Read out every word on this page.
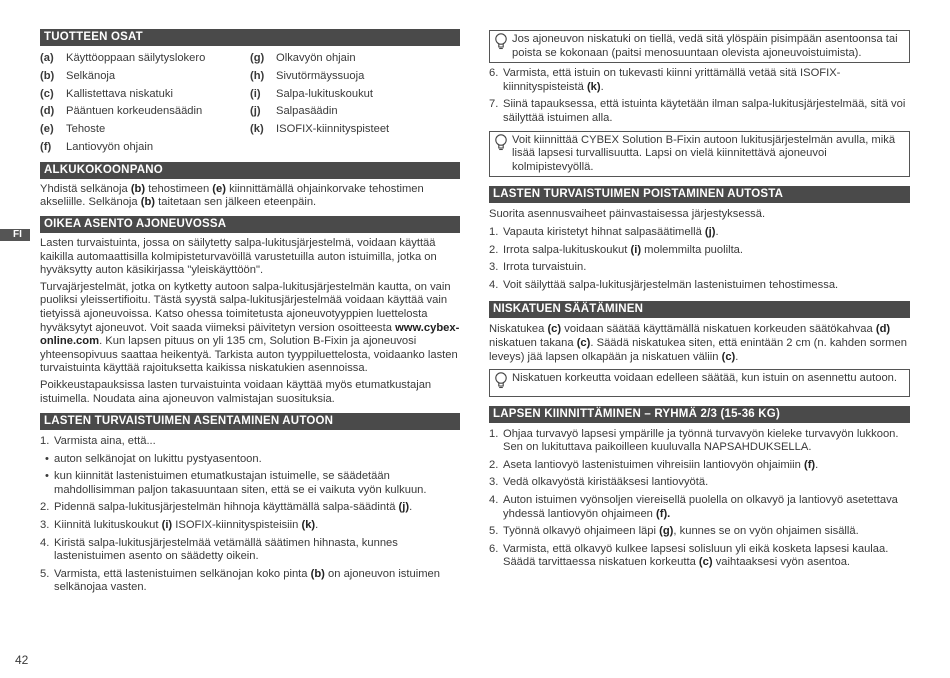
FI
TUOTTEEN OSAT
(a)	Käyttöoppaan säilytyslokero
(b)	Selkänoja
(c)	Kallistettava niskatuki
(d)	Pääntuen korkeudensäädin
(e)	Tehoste
(f)	Lantiovyön ohjain
(g)	Olkavyön ohjain
(h)	Sivutörmäyssuoja
(i)	Salpa-lukituskoukut
(j)	Salpasäädin
(k)	ISOFIX-kiinnityspisteet
ALKUKOKOONPANO

Yhdistä selkänoja (b) tehostimeen (e) kiinnittämällä ohjainkorvake tehostimen akseliille. Selkänoja (b) taitetaan sen jälkeen eteenpäin.

OIKEA ASENTO AJONEUVOSSA

Lasten turvaistuinta, jossa on säilytetty salpa-lukitusjärjestelmä, voidaan käyttää kaikilla automaattisilla kolmipisteturvavöillä varustetuilla auton istuimilla, jotka on hyväksytty auton käsikirjassa "yleiskäyttöön".

Turvajärjestelmät, jotka on kytketty autoon salpa-lukitusjärjestelmän kautta, on vain puoliksi yleissertifioitu. Tästä syystä salpa-lukitusjärjestelmää voidaan käyttää vain tietyissä ajoneuvoissa. Katso ohessa toimitetusta ajoneuvotyyppien luettelosta hyväksytyt ajoneuvot. Voit saada viimeksi päivitetyn version osoitteesta www.cybex-online.com. Kun lapsen pituus on yli 135 cm, Solution B-Fixin ja ajoneuvosi yhteensopivuus saattaa heikentyä. Tarkista auton tyyppiluettelosta, voidaanko lasten turvaistuinta käyttää rajoituksetta kaikissa niskatukien asennoissa.

Poikkeustapauksissa lasten turvaistuinta voidaan käyttää myös etumatkustajan istuimella. Noudata aina ajoneuvon valmistajan suosituksia.

LASTEN TURVAISTUIMEN ASENTAMINEN AUTOON
1. Varmista aina, että...
• auton selkänojat on lukittu pystyasentoon.
• kun kiinnität lastenistuimen etumatkustajan istuimelle, se säädetään mahdollisimman paljon takasuuntaan siten, että se ei vaikuta vyön kulkuun.
2. Pidennä salpa-lukitusjärjestelmän hihnoja käyttämällä salpa-säädintä (j).
3. Kiinnitä lukituskoukut (i) ISOFIX-kiinnityspisteisiin (k).
4. Kiristä salpa-lukitusjärjestelmää vetämällä säätimen hihnasta, kunnes lastenistuimen asento on säädetty oikein.
5. Varmista, että lastenistuimen selkänojan koko pinta (b) on ajoneuvon istuimen selkänojaa vasten.
Jos ajoneuvon niskatuki on tiellä, vedä sitä ylöspäin pisimpään asentoonsa tai poista se kokonaan (paitsi menosuuntaan olevista ajoneuvoistuimista).
6. Varmista, että istuin on tukevasti kiinni yrittämällä vetää sitä ISOFIX-kiinnityspisteistä (k).
7. Siinä tapauksessa, että istuinta käytetään ilman salpa-lukitusjärjestelmää, sitä voi säilyttää istuimen alla.
Voit kiinnittää CYBEX Solution B-Fixin autoon lukitusjärjestelmän avulla, mikä lisää lapsesi turvallisuutta. Lapsi on vielä kiinnitettävä ajoneuvoi kolmipistevyöllä.
LASTEN TURVAISTUIMEN POISTAMINEN AUTOSTA

Suorita asennusvaiheet päinvastaisessa järjestyksessä.

1. Vapauta kiristetyt hihnat salpasäätimellä (j).
2. Irrota salpa-lukituskoukut (i) molemmilta puolilta.
3. Irrota turvaistuin.
4. Voit säilyttää salpa-lukitusjärjestelmän lastenistuimen tehostimessa.
NISKATUEN SÄÄTÄMINEN

Niskatukea (c) voidaan säätää käyttämällä niskatuen korkeuden säätökahvaa (d) niskatuen takana (c). Säädä niskatukea siten, että enintään 2 cm (n. kahden sormen leveys) jää lapsen olkapään ja niskatuen väliin (c).

Niskatuen korkeutta voidaan edelleen säätää, kun istuin on asennettu autoon.
LAPSEN KIINNITTÄMINEN – RYHMÄ 2/3 (15-36 KG)
1. Ohjaa turvavyö lapsesi ympärille ja työnnä turvavyön kieleke turvavyön lukkoon. Sen on lukituttava paikoilleen kuuluvalla NAPSAHDUKSELLA.
2. Aseta lantiovyö lastenistuimen vihreisiin lantiovyön ohjaimiin (f).
3. Vedä olkavyöstä kiristääksesi lantiovyötä.
4. Auton istuimen vyönsoljen viereisellä puolella on olkavyö ja lantiovyö asetettava yhdessä lantiovyön ohjaimeen (f).
5. Työnnä olkavyö ohjaimeen läpi (g), kunnes se on vyön ohjaimen sisällä.
6. Varmista, että olkavyö kulkee lapsesi solisluun yli eikä kosketa lapsesi kaulaa. Säädä tarvittaessa niskatuen korkeutta (c) vaihtaaksesi vyön asentoa.
42
